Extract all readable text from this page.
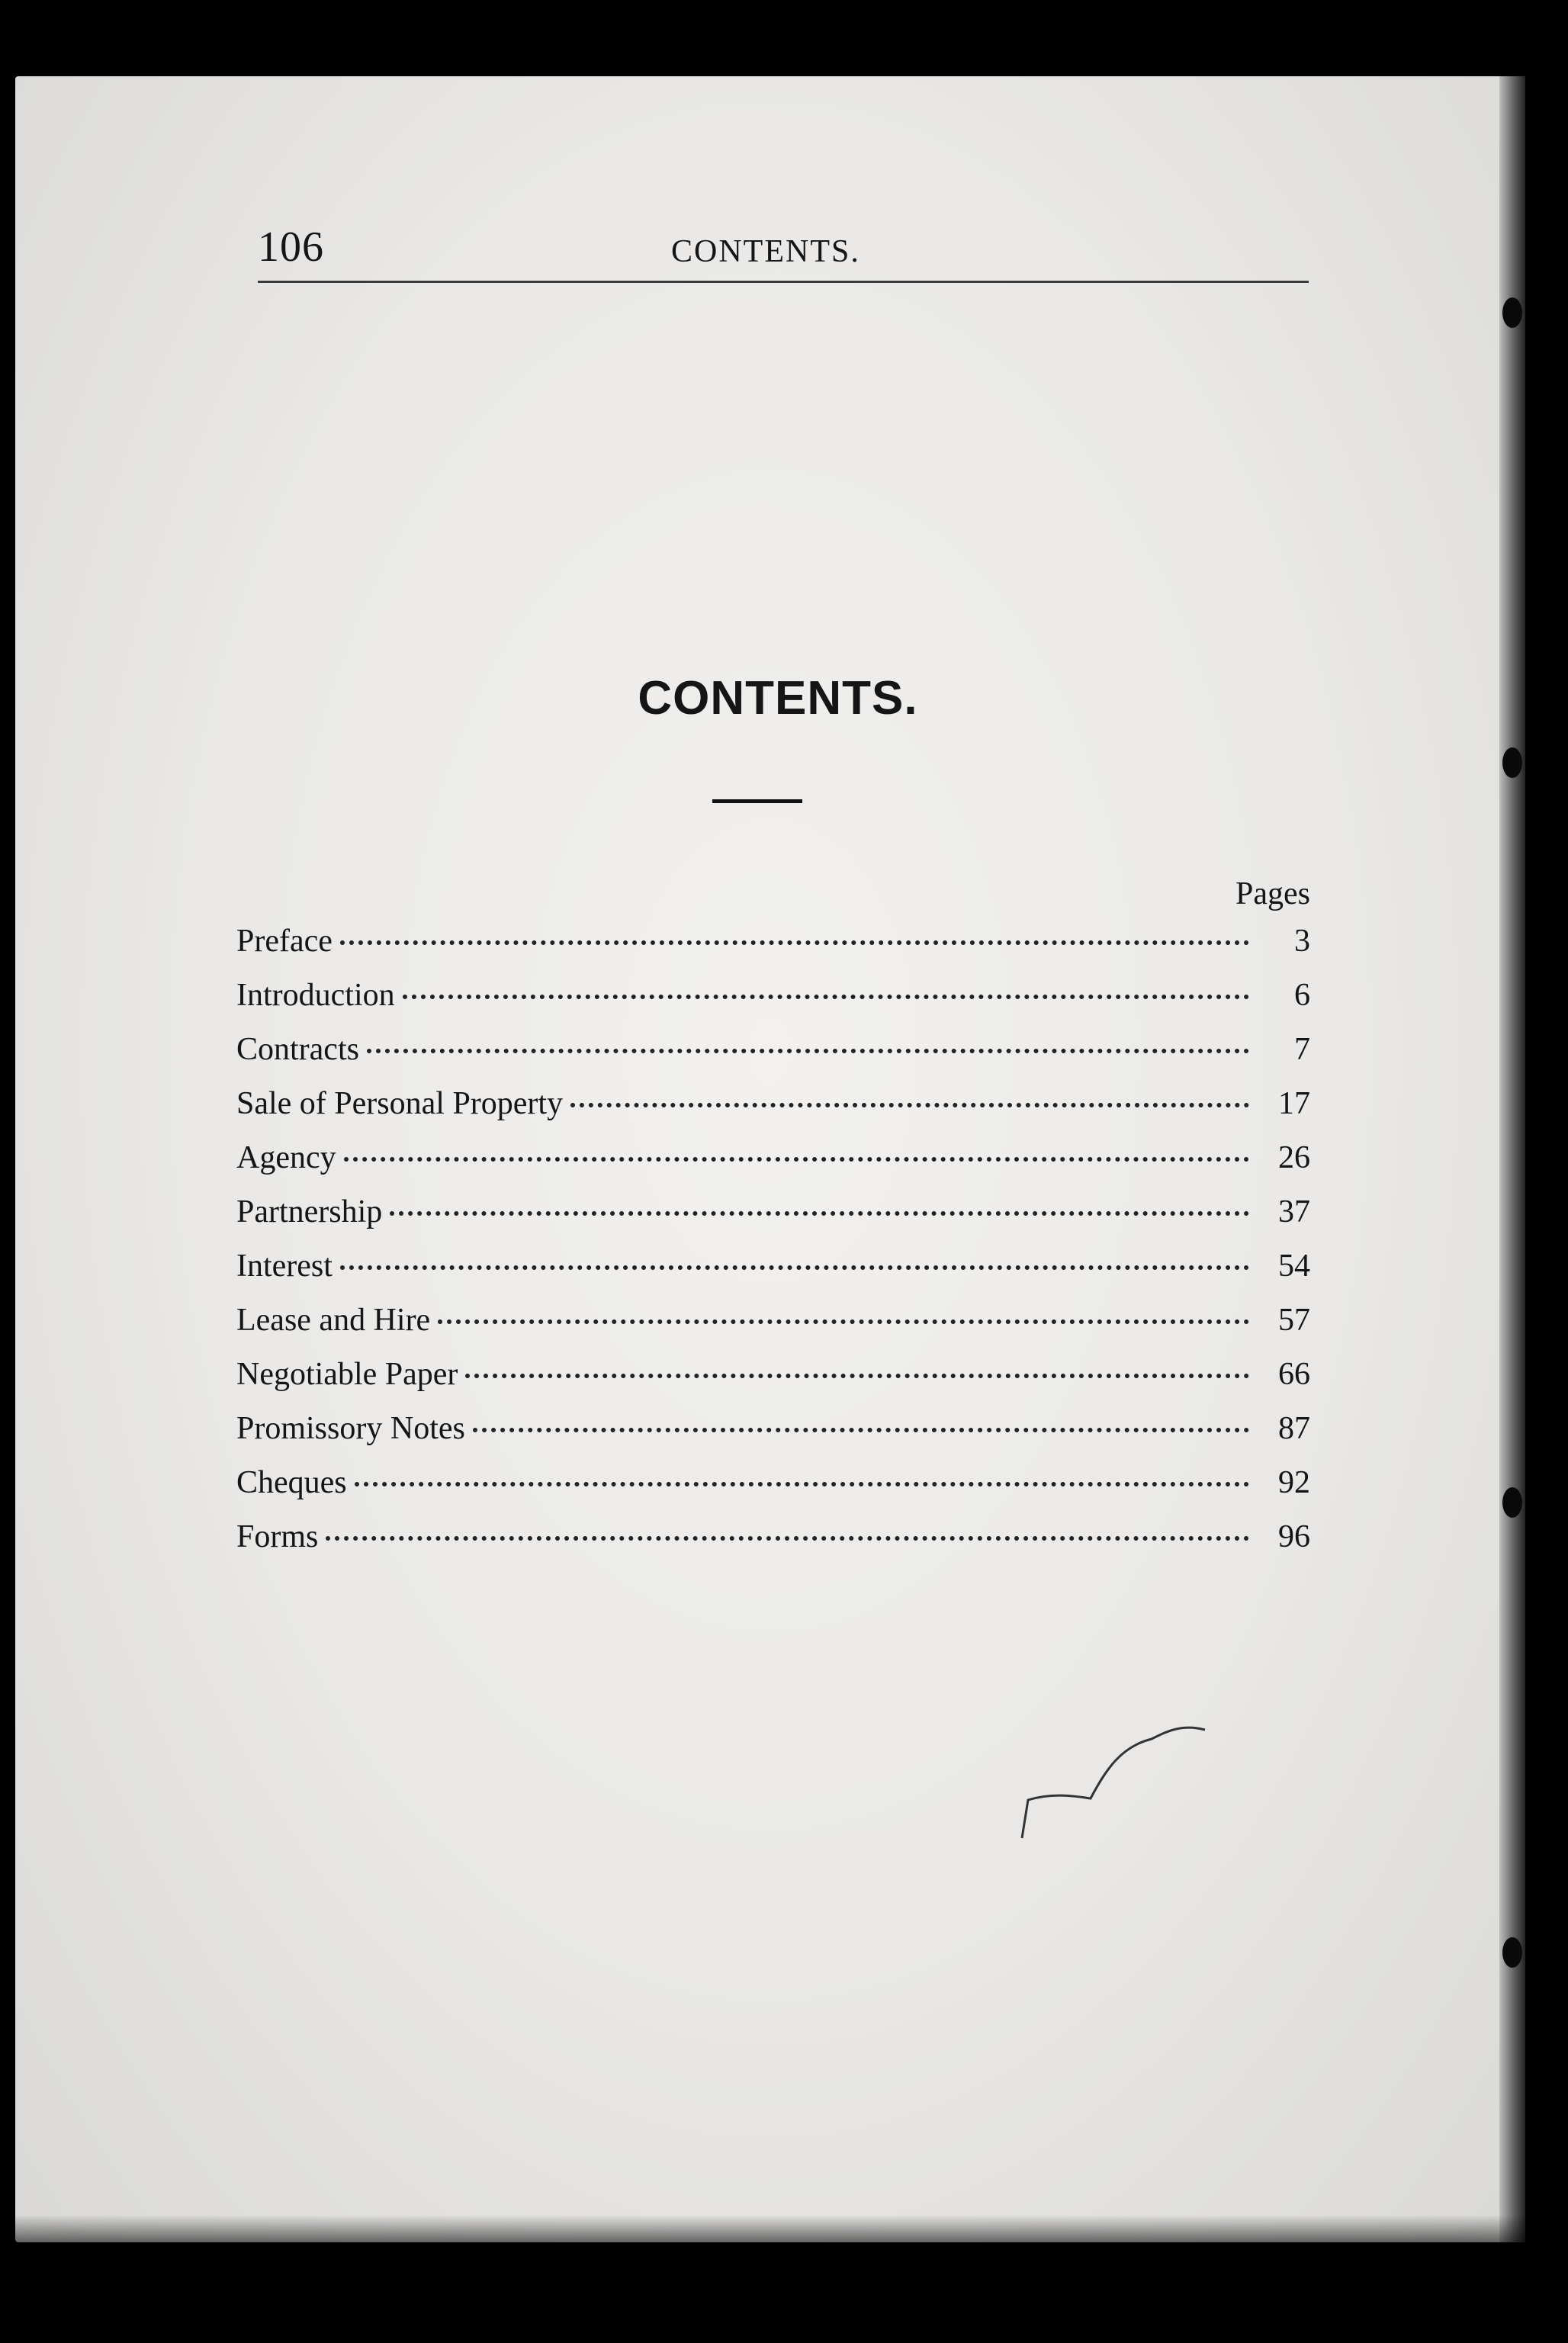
106	CONTENTS.
CONTENTS.
Pages
Preface	3
Introduction	6
Contracts	7
Sale of Personal Property	17
Agency	26
Partnership	37
Interest	54
Lease and Hire	57
Negotiable Paper	66
Promissory Notes	87
Cheques	92
Forms	96
